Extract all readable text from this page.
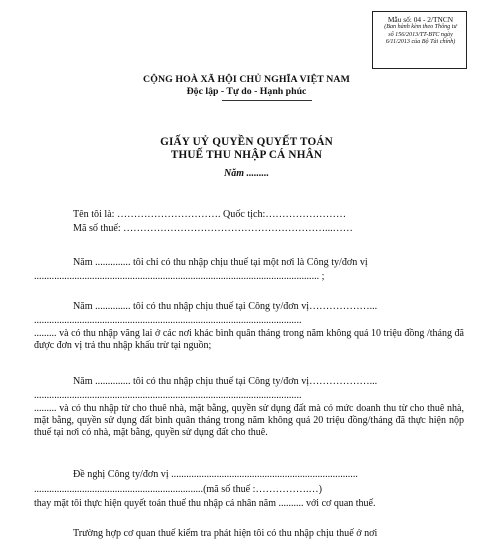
Mẫu số: 04 - 2/TNCN
(Ban hành kèm theo Thông tư
số 156/2013/TT-BTC ngày
6/11/2013 của Bộ Tài chính)
CỘNG HOÀ XÃ HỘI CHỦ NGHĨA VIỆT NAM
Độc lập - Tự do - Hạnh phúc
GIẤY UỶ QUYỀN QUYẾT TOÁN
THUẾ THU NHẬP CÁ NHÂN
Năm .........
Tên tôi là: …………………………. Quốc tịch:……………………
Mã số thuế: ……………………………………………………...……
Năm .............. tôi chỉ có thu nhập chịu thuế tại một nơi là Công ty/đơn vị
................................................................................................................. ;
Năm .............. tôi có thu nhập chịu thuế tại Công ty/đơn vị………………...
..........................................................................................................
......... và có thu nhập vãng lai ở các nơi khác bình quân tháng trong năm không quá 10 triệu đồng /tháng đã được đơn vị trả thu nhập khấu trừ tại nguồn;
Năm .............. tôi có thu nhập chịu thuế tại Công ty/đơn vị………………...
..........................................................................................................
......... và có thu nhập từ cho thuê nhà, mặt bằng, quyền sử dụng đất mà có mức doanh thu từ cho thuê nhà, mặt bằng, quyền sử dụng đất bình quân tháng trong năm không quá 20 triệu đồng/tháng đã thực hiện nộp thuế tại nơi có nhà, mặt bằng, quyền sử dụng đất cho thuê.
Đề nghị Công ty/đơn vị ..........................................................................
...................................................................(mã số thuế :…………….…)
thay mặt tôi thực hiện quyết toán thuế thu nhập cá nhân năm .......... với cơ quan thuế.
Trường hợp cơ quan thuế kiểm tra phát hiện tôi có thu nhập chịu thuế ở nơi
